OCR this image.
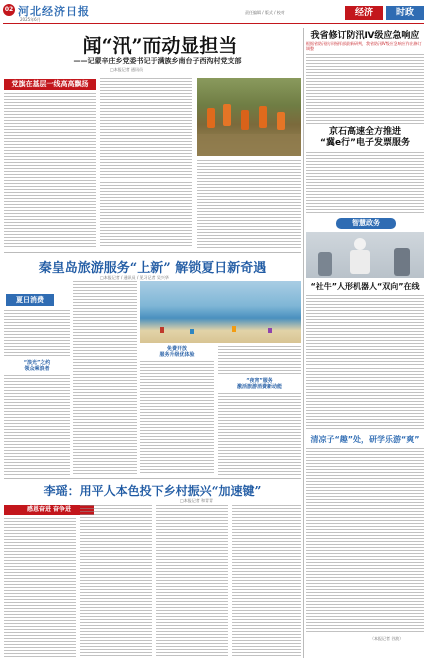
02 河北经济日报
2025年6月
责任编辑 / 版式 / 校对	经济	时政
闻“汛”而动显担当
——记蒙辛庄乡党委书记于满族乡南台子西沟村党支部
□本报记者 通讯员
党旗在基层一线高高飘扬
我省修订防汛Ⅳ级应急响应
根据省防汛抗旱指挥部最新研判，我省防汛Ⅳ级应急响应作出修订调整
京石高速全方推进
“冀e行”电子发票服务
智慧政务
“社牛”人形机器人“双向”在线
秦皇岛旅游服务“上新” 解锁夏日新奇遇
□本报记者 / 通讯员 / 见习记者 吴兴华
夏日消费
“浪光”之约
领众乘浪者
免费开放
服务升级优体验
“夜宵”服务
激活旅游消费新动能
李瑶：用平人本色投下乡村振兴“加速键”
□本报记者 和青青
感恩奋进 奋争进
清凉子“趣”处，研学乐游“爽”
（本报记者 谷波）
